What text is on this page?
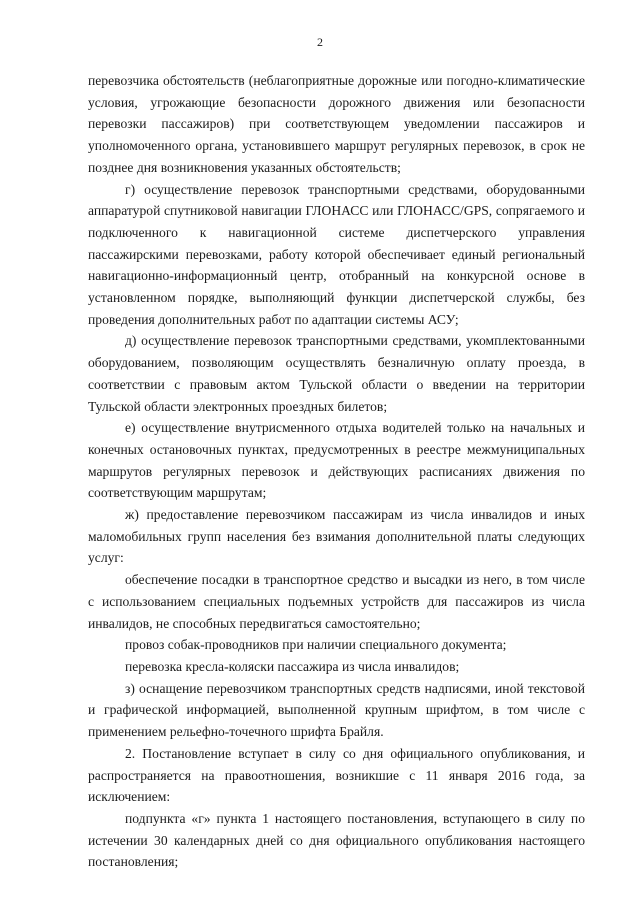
2

перевозчика обстоятельств (неблагоприятные дорожные или погодно-климатические условия, угрожающие безопасности дорожного движения или безопасности перевозки пассажиров) при соответствующем уведомлении пассажиров и уполномоченного органа, установившего маршрут регулярных перевозок, в срок не позднее дня возникновения указанных обстоятельств;

г) осуществление перевозок транспортными средствами, оборудованными аппаратурой спутниковой навигации ГЛОНАСС или ГЛОНАСС/GPS, сопрягаемого и подключенного к навигационной системе диспетчерского управления пассажирскими перевозками, работу которой обеспечивает единый региональный навигационно-информационный центр, отобранный на конкурсной основе в установленном порядке, выполняющий функции диспетчерской службы, без проведения дополнительных работ по адаптации системы АСУ;

д) осуществление перевозок транспортными средствами, укомплектованными оборудованием, позволяющим осуществлять безналичную оплату проезда, в соответствии с правовым актом Тульской области о введении на территории Тульской области электронных проездных билетов;

е) осуществление внутрисменного отдыха водителей только на начальных и конечных остановочных пунктах, предусмотренных в реестре межмуниципальных маршрутов регулярных перевозок и действующих расписаниях движения по соответствующим маршрутам;

ж) предоставление перевозчиком пассажирам из числа инвалидов и иных маломобильных групп населения без взимания дополнительной платы следующих услуг:

обеспечение посадки в транспортное средство и высадки из него, в том числе с использованием специальных подъемных устройств для пассажиров из числа инвалидов, не способных передвигаться самостоятельно;

провоз собак-проводников при наличии специального документа;

перевозка кресла-коляски пассажира из числа инвалидов;

з) оснащение перевозчиком транспортных средств надписями, иной текстовой и графической информацией, выполненной крупным шрифтом, в том числе с применением рельефно-точечного шрифта Брайля.

2. Постановление вступает в силу со дня официального опубликования, и распространяется на правоотношения, возникшие с 11 января 2016 года, за исключением:

подпункта «г» пункта 1 настоящего постановления, вступающего в силу по истечении 30 календарных дней со дня официального опубликования настоящего постановления;
